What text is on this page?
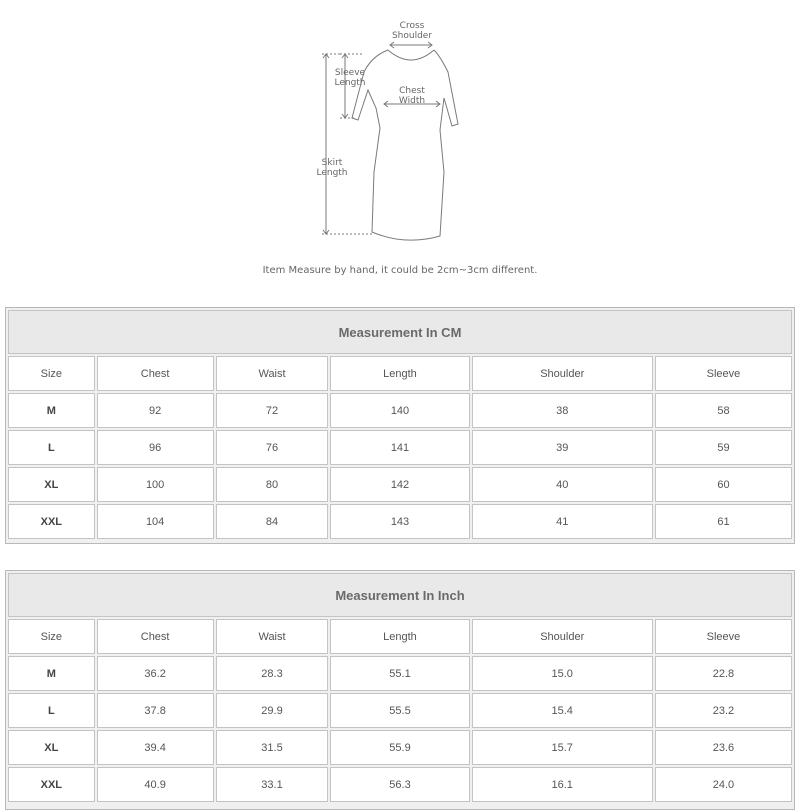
Cross
Shoulder
Sleeve
Length
Chest
Width
Skirt
Length
Item Measure by hand, it could be 2cm~3cm different.
Measurement In CM					
Size	Chest	Waist	Length	Shoulder	Sleeve
M	92	72	140	38	58
L	96	76	141	39	59
XL	100	80	142	40	60
XXL	104	84	143	41	61
Measurement In Inch					
Size	Chest	Waist	Length	Shoulder	Sleeve
M	36.2	28.3	55.1	15.0	22.8
L	37.8	29.9	55.5	15.4	23.2
XL	39.4	31.5	55.9	15.7	23.6
XXL	40.9	33.1	56.3	16.1	24.0
